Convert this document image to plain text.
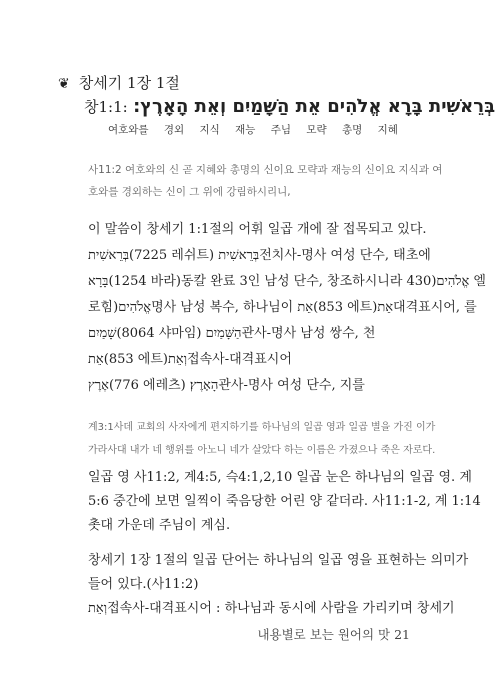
❦ 창세기 1장 1절
창1:1: בְּרֵאשִׁית בָּרָא אֱלֹהִים אֵת הַשָּׁמַיִם וְאֵת הָאָרֶץ׃
여호와를 경외 지식 재능 주님 모략 총명 지혜
사11:2 여호와의 신 곧 지혜와 총명의 신이요 모략과 재능의 신이요 지식과 여
호와를 경외하는 신이 그 위에 강림하시리니,
이 말씀이 창세기 1:1절의 어휘 일곱 개에 잘 접목되고 있다.
בְּרֵאשִׁית(7225 레쉬트) בְּרֵאשִׁית전치사-명사 여성 단수, 태초에
בָּרָא(1254 바라)동칼 완료 3인 남성 단수, 창조하시니라 אֱלֹהִים(430 엘
로힘)אֱלֹהִים명사 남성 복수, 하나님이 אֵת(853 에트)אֵת대격표시어, 를
שָׁמַיִם(8064 샤마임) הַשָּׁמַיִם관사-명사 남성 쌍수, 천
אֵת(853 에트)וְאֵת접속사-대격표시어
אֶרֶץ(776 에레츠) הָאָרֶץ׃관사-명사 여성 단수, 지를
계3:1사데 교회의 사자에게 편지하기를 하나님의 일곱 영과 일곱 별을 가진 이가
가라사대 내가 네 행위를 아노니 네가 살았다 하는 이름은 가졌으나 죽은 자로다.
일곱 영 사11:2, 계4:5, 슥4:1,2,10 일곱 눈은 하나님의 일곱 영. 계
5:6 중간에 보면 일찍이 죽음당한 어린 양 같더라. 사11:1-2, 계 1:14
촛대 가운데 주님이 계심.
창세기 1장 1절의 일곱 단어는 하나님의 일곱 영을 표현하는 의미가
들어 있다.(사11:2)
וְאֵת접속사-대격표시어 : 하나님과 동시에 사람을 가리키며 창세기
내용별로 보는 원어의 맛 21
